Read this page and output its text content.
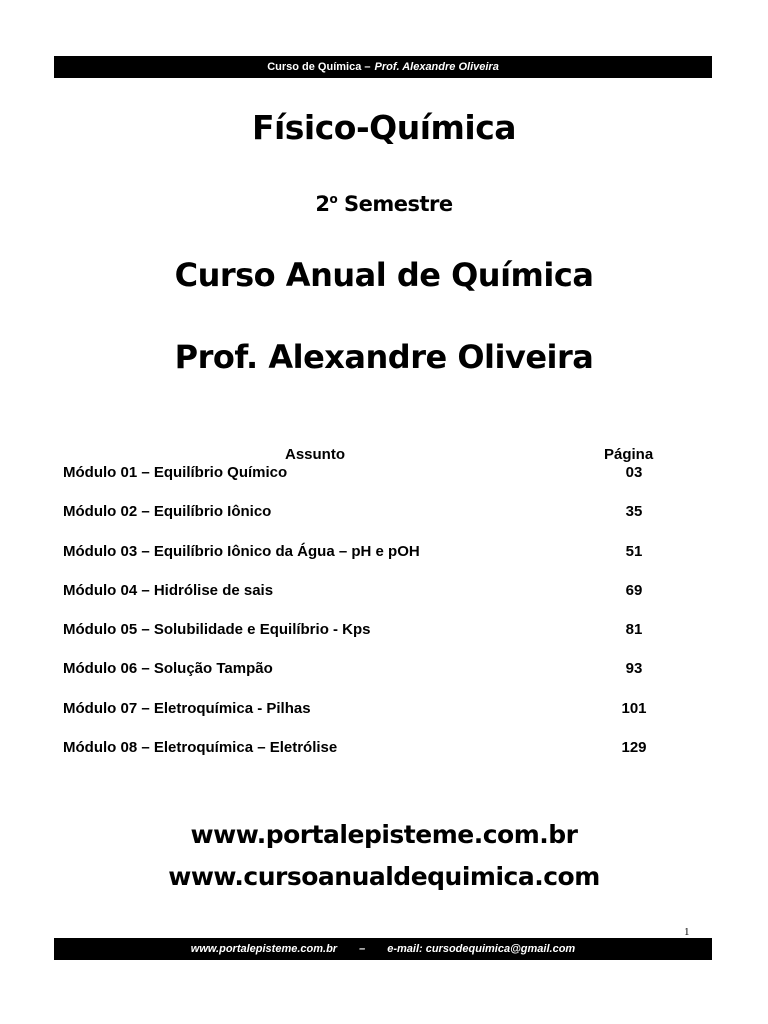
Curso de Química – Prof. Alexandre Oliveira
Físico-Química
2$^o$ Semestre
Curso Anual de Química
Prof. Alexandre Oliveira
Assunto	Página
Módulo 01 – Equilíbrio Químico	03
Módulo 02 – Equilíbrio Iônico	35
Módulo 03 – Equilíbrio Iônico da Água – pH e pOH	51
Módulo 04 – Hidrólise de sais	69
Módulo 05 – Solubilidade e Equilíbrio - Kps	81
Módulo 06 – Solução Tampão	93
Módulo 07 – Eletroquímica - Pilhas	101
Módulo 08 – Eletroquímica – Eletrólise	129
www.portalepisteme.com.br
www.cursoanualdequimica.com
1
www.portalepisteme.com.br – e-mail: cursodequimica@gmail.com
